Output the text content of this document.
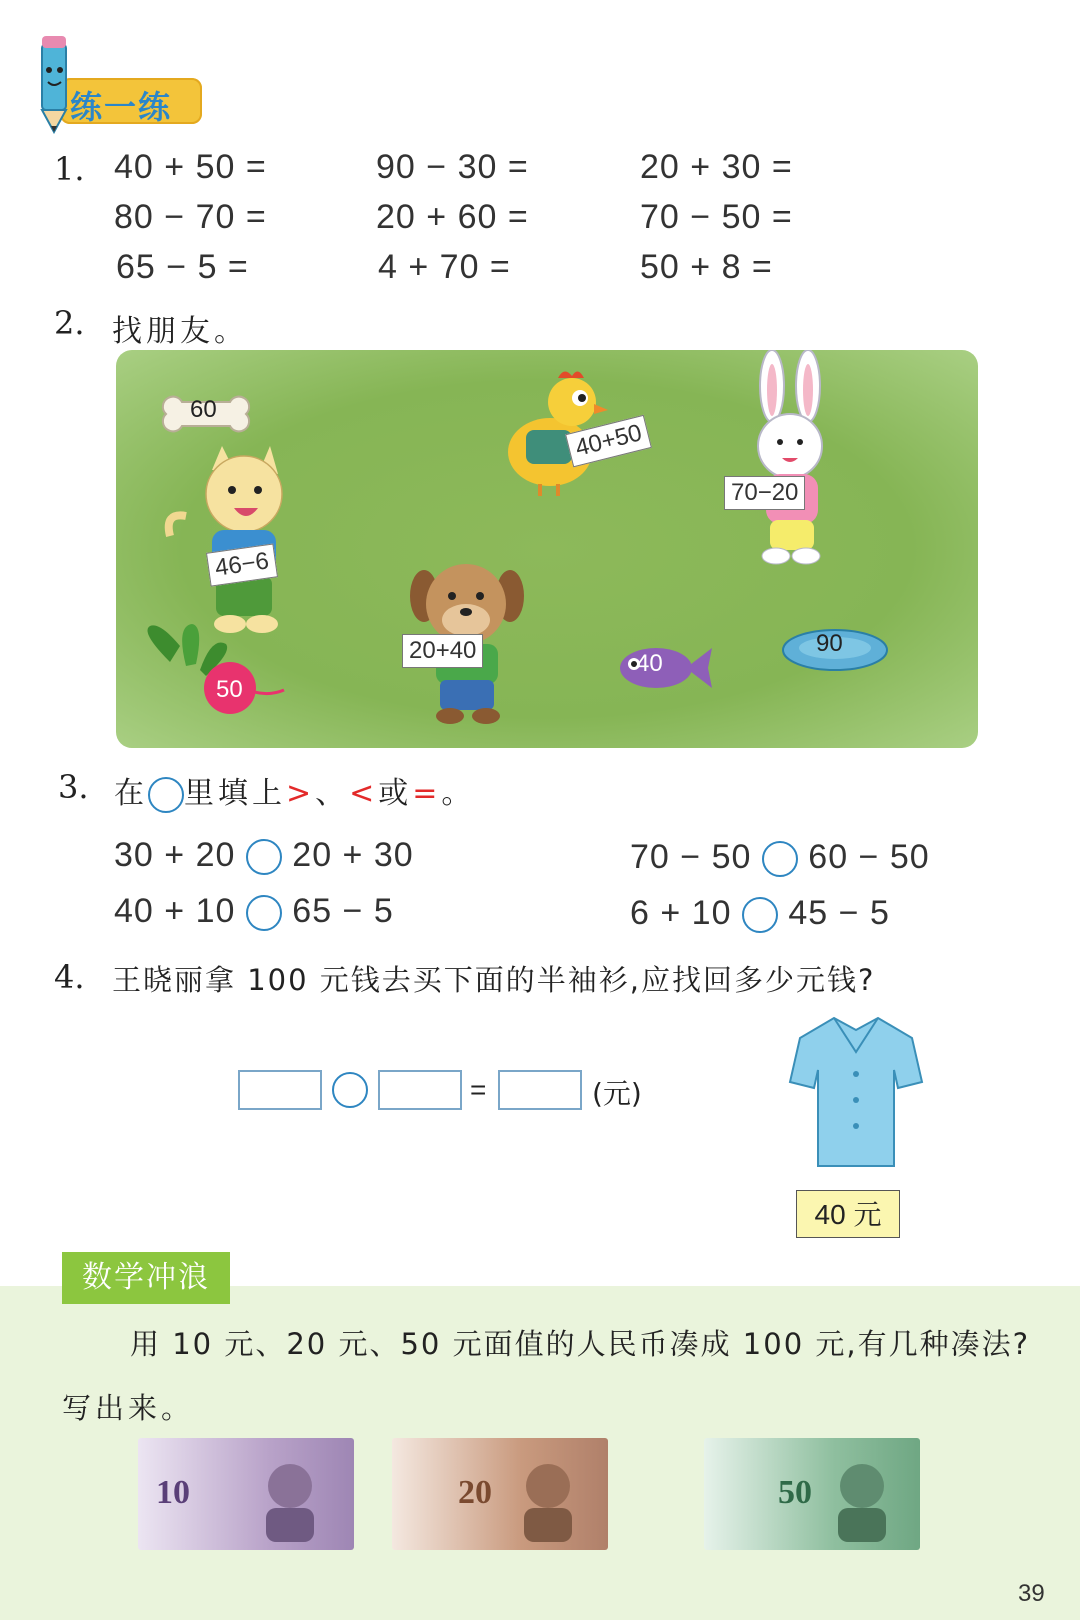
练一练
1. 40 + 50 =	90 − 30 =	20 + 30 =
80 − 70 =	20 + 60 =	70 − 50 =
65 − 5 =	4 + 70 =	50 + 8 =
2. 找朋友。
60
40+50
70−20
46−6
20+40
50
40
90
3. 在 里填上>、<或=。
30 + 20 20 + 30	70 − 50 60 − 50
40 + 10 65 − 5	6 + 10 45 − 5
4. 王晓丽拿 100 元钱去买下面的半袖衫,应找回多少元钱?
=	(元)
40 元
数学冲浪
用 10 元、20 元、50 元面值的人民币凑成 100 元,有几种凑法?
写出来。
10	20	50
39
